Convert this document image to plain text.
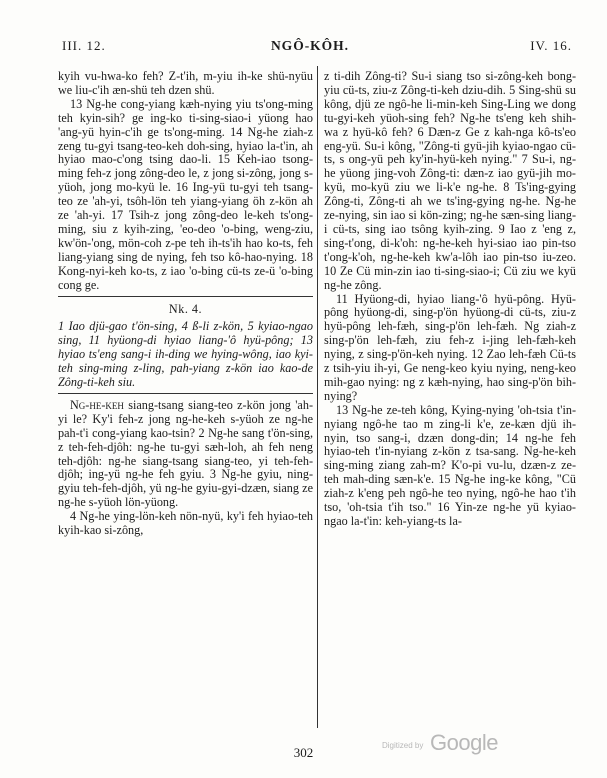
III. 12.	NGÔ-KÔH.	IV. 16.

kyih vu-hwa-ko feh? Z-t'ih, m-yiu ih-ke shü-nyüu we liu-c'ih æn-shü teh dzen shü.

13 Ng-he cong-yiang kæh-nying yiu ts'ong-ming teh kyin-sih? ge ing-ko ti-sing-siao-i yüong hao 'ang-yü hyin-c'ih ge ts'ong-ming. 14 Ng-he ziah-z zeng tu-gyi tsang-teo-keh doh-sing, hyiao la-t'in, ah hyiao mao-c'ong tsing dao-li. 15 Keh-iao tsong-ming feh-z jong zông-deo le, z jong si-zông, jong s-yüoh, jong mo-kyü le. 16 Ing-yü tu-gyi teh tsang-teo ze 'ah-yi, tsôh-lön teh yiang-yiang öh z-kön ah ze 'ah-yi. 17 Tsih-z jong zông-deo le-keh ts'ong-ming, siu z kyih-zing, 'eo-deo 'o-bing, weng-ziu, kw'ön-'ong, mön-coh z-pe teh ih-ts'ih hao ko-ts, feh liang-yiang sing de nying, feh tso kô-hao-nying. 18 Kong-nyi-keh ko-ts, z iao 'o-bing cü-ts ze-ü 'o-bing cong ge.

Nk. 4.

1 Iao djü-gao t'ön-sing, 4 ß-li z-kön, 5 kyiao-ngao sing, 11 hyüong-di hyiao liang-'ô hyü-pông; 13 hyiao ts'eng sang-i ih-ding we hying-wông, iao kyi-teh sing-ming z-ling, pah-yiang z-kön iao kao-de Zông-ti-keh siu.

Ng-he-keh siang-tsang siang-teo z-kön jong 'ah-yi le? Ky'i feh-z jong ng-he-keh s-yüoh ze ng-he pah-t'i cong-yiang kao-tsin? 2 Ng-he sang t'ön-sing, z teh-feh-djôh: ng-he tu-gyi sæh-loh, ah feh neng teh-djôh: ng-he siang-tsang siang-teo, yi teh-feh-djôh; ing-yü ng-he feh gyiu. 3 Ng-he gyiu, ning-gyiu teh-feh-djôh, yü ng-he gyiu-gyi-dzæn, siang ze ng-he s-yüoh lön-yüong.

4 Ng-he ying-lön-keh nön-nyü, ky'i feh hyiao-teh kyih-kao si-zông,

z ti-dih Zông-ti? Su-i siang tso si-zông-keh bong-yiu cü-ts, ziu-z Zông-ti-keh dziu-dih. 5 Sing-shü su kông, djü ze ngô-he li-min-keh Sing-Ling we dong tu-gyi-keh yüoh-sing feh? Ng-he ts'eng keh shih-wa z hyü-kô feh? 6 Dæn-z Ge z kah-nga kô-ts'eo eng-yü. Su-i kông, "Zông-ti gyü-jih kyiao-ngao cü-ts, s ong-yü peh ky'in-hyü-keh nying." 7 Su-i, ng-he yüong jing-voh Zông-ti: dæn-z iao gyü-jih mo-kyü, mo-kyü ziu we li-k'e ng-he. 8 Ts'ing-gying Zông-ti, Zông-ti ah we ts'ing-gying ng-he. Ng-he ze-nying, sin iao si kön-zing; ng-he sæn-sing liang-i cü-ts, sing iao tsông kyih-zing. 9 Iao z 'eng z, sing-t'ong, di-k'oh: ng-he-keh hyi-siao iao pin-tso t'ong-k'oh, ng-he-keh kw'a-lôh iao pin-tso iu-zeo. 10 Ze Cü min-zin iao ti-sing-siao-i; Cü ziu we kyü ng-he zông.

11 Hyüong-di, hyiao liang-'ô hyü-pông. Hyü-pông hyüong-di, sing-p'ön hyüong-di cü-ts, ziu-z hyü-pông leh-fæh, sing-p'ön leh-fæh. Ng ziah-z sing-p'ön leh-fæh, ziu feh-z i-jing leh-fæh-keh nying, z sing-p'ön-keh nying. 12 Zao leh-fæh Cü-ts z tsih-yiu ih-yi, Ge neng-keo kyiu nying, neng-keo mih-gao nying: ng z kæh-nying, hao sing-p'ön bih-nying?

13 Ng-he ze-teh kông, Kying-nying 'oh-tsia t'in-nyiang ngô-he tao m zing-li k'e, ze-kæn djü ih-nyin, tso sang-i, dzæn dong-din; 14 ng-he feh hyiao-teh t'in-nyiang z-kön z tsa-sang. Ng-he-keh sing-ming ziang zah-m? K'o-pi vu-lu, dzæn-z ze-teh mah-ding sæn-k'e. 15 Ng-he ing-ke kông, "Cü ziah-z k'eng peh ngô-he teo nying, ngô-he hao t'ih tso, 'oh-tsia t'ih tso." 16 Yin-ze ng-he yü kyiao-ngao la-t'in: keh-yiang-ts la-

302	Digitized by Google
